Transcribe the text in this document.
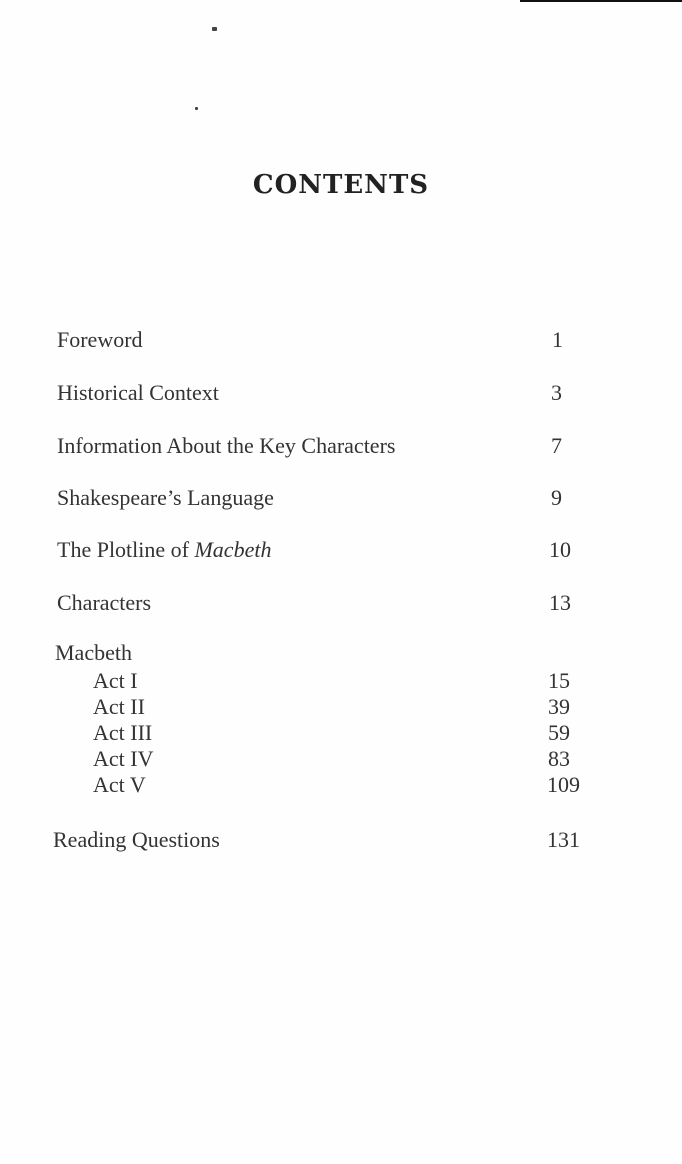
CONTENTS
Foreword	1
Historical Context	3
Information About the Key Characters	7
Shakespeare’s Language	9
The Plotline of Macbeth	10
Characters	13
Macbeth
Act I	15
Act II	39
Act III	59
Act IV	83
Act V	109
Reading Questions	131
